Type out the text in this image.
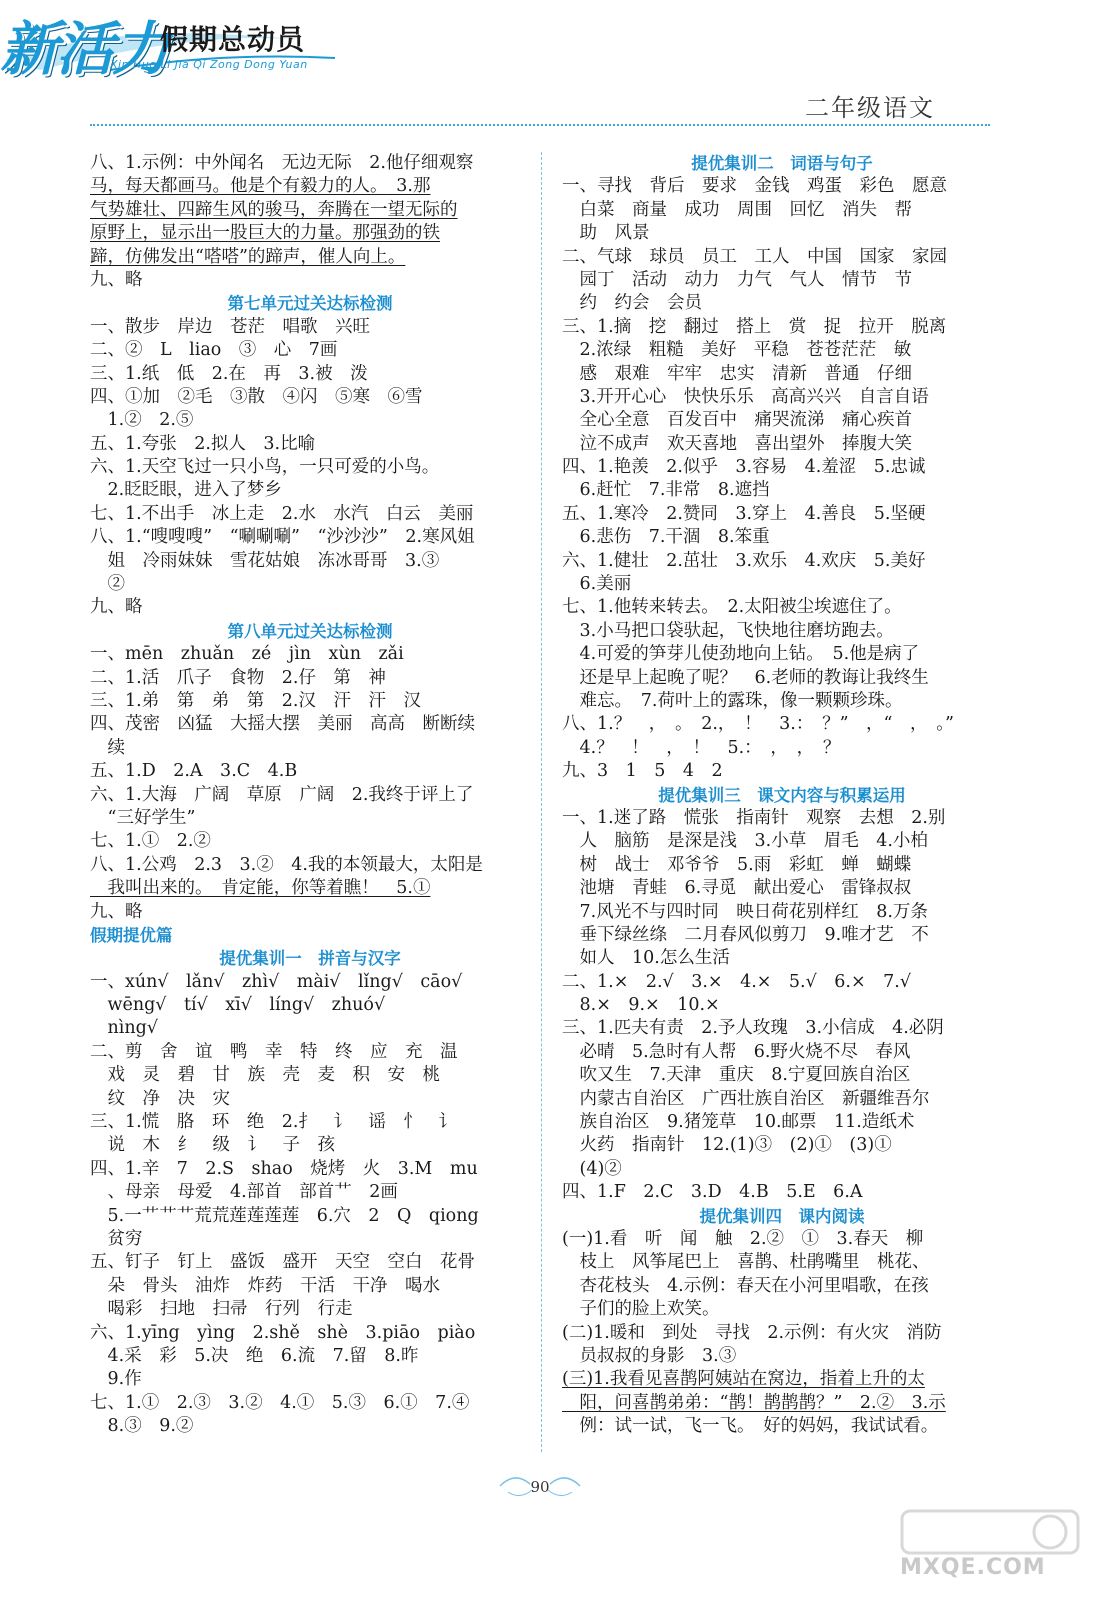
新活力
假期总动员
Xin Huo Li Jia Qi Zong Dong Yuan
二年级语文
八、1.示例：中外闻名　无边无际　2.他仔细观察
马，每天都画马。他是个有毅力的人。　3.那
气势雄壮、四蹄生风的骏马，奔腾在一望无际的
原野上，显示出一股巨大的力量。那强劲的铁
蹄，仿佛发出“嗒嗒”的蹄声，催人向上。
九、略
第七单元过关达标检测
一、散步　岸边　苍茫　唱歌　兴旺
二、②　L　liao　③　心　7画
三、1.纸　低　2.在　再　3.被　泼
四、①加　②毛　③散　④闪　⑤寒　⑥雪
　1.②　2.⑤
五、1.夸张　2.拟人　3.比喻
六、1.天空飞过一只小鸟，一只可爱的小鸟。
　2.眨眨眼，进入了梦乡
七、1.不出手　冰上走　2.水　水汽　白云　美丽
八、1.“嗖嗖嗖”　“唰唰唰”　“沙沙沙”　2.寒风姐
　姐　冷雨妹妹　雪花姑娘　冻冰哥哥　3.③
　②
九、略
第八单元过关达标检测
一、mēn　zhuǎn　zé　jìn　xùn　zǎi
二、1.活　爪子　食物　2.仔　第　神
三、1.弟　第　弟　第　2.汉　汗　汗　汉
四、茂密　凶猛　大摇大摆　美丽　高高　断断续
　续
五、1.D　2.A　3.C　4.B
六、1.大海　广阔　草原　广阔　2.我终于评上了
　“三好学生”
七、1.①　2.②
八、1.公鸡　2.3　3.②　4.我的本领最大，太阳是
　我叫出来的。　肯定能，你等着瞧！　5.①
九、略
假期提优篇
提优集训一　拼音与汉字
一、xún√　lǎn√　zhì√　mài√　lǐng√　cāo√
　wēng√　tí√　xī√　líng√　zhuó√
　nìng√
二、剪　舍　谊　鸭　幸　特　终　应　充　温
　戏　灵　碧　甘　族　壳　麦　积　安　桃
　纹　净　决　灾
三、1.慌　胳　环　绝　2.扌　讠　谣　忄　讠
　说　木　纟　级　讠　子　孩
四、1.辛　7　2.S　shao　烧烤　火　3.M　mu
　、母亲　母爱　4.部首　部首艹　2画
　5.一艹艹艹荒荒莲莲莲莲　6.穴　2　Q　qiong
　贫穷
五、钉子　钉上　盛饭　盛开　天空　空白　花骨
　朵　骨头　油炸　炸药　干活　干净　喝水
　喝彩　扫地　扫帚　行列　行走
六、1.yīng　yìng　2.shě　shè　3.piāo　piào
　4.采　彩　5.决　绝　6.流　7.留　8.昨
　9.作
七、1.①　2.③　3.②　4.①　5.③　6.①　7.④
　8.③　9.②
提优集训二　词语与句子
一、寻找　背后　要求　金钱　鸡蛋　彩色　愿意
　白菜　商量　成功　周围　回忆　消失　帮
　助　风景
二、气球　球员　员工　工人　中国　国家　家园
　园丁　活动　动力　力气　气人　情节　节
　约　约会　会员
三、1.摘　挖　翻过　搭上　赏　捉　拉开　脱离
　2.浓绿　粗糙　美好　平稳　苍苍茫茫　敏
　感　艰难　牢牢　忠实　清新　普通　仔细
　3.开开心心　快快乐乐　高高兴兴　自言自语
　全心全意　百发百中　痛哭流涕　痛心疾首
　泣不成声　欢天喜地　喜出望外　捧腹大笑
四、1.艳羡　2.似乎　3.容易　4.羞涩　5.忠诚
　6.赶忙　7.非常　8.遮挡
五、1.寒冷　2.赞同　3.穿上　4.善良　5.坚硬
　6.悲伤　7.干涸　8.笨重
六、1.健壮　2.茁壮　3.欢乐　4.欢庆　5.美好
　6.美丽
七、1.他转来转去。　2.太阳被尘埃遮住了。
　3.小马把口袋驮起，飞快地往磨坊跑去。
　4.可爱的笋芽儿使劲地向上钻。　5.他是病了
　还是早上起晚了呢？　6.老师的教诲让我终生
　难忘。　7.荷叶上的露珠，像一颗颗珍珠。
八、1.？　，　。　2.，　！　3.：　？”　，“　，　。”
　4.？　！　，　！　5.：　，　，　？
九、3　1　5　4　2
提优集训三　课文内容与积累运用
一、1.迷了路　慌张　指南针　观察　去想　2.别
　人　脑筋　是深是浅　3.小草　眉毛　4.小柏
　树　战士　邓爷爷　5.雨　彩虹　蝉　蝴蝶
　池塘　青蛙　6.寻觅　献出爱心　雷锋叔叔
　7.风光不与四时同　映日荷花别样红　8.万条
　垂下绿丝绦　二月春风似剪刀　9.唯才艺　不
　如人　10.怎么生活
二、1.×　2.√　3.×　4.×　5.√　6.×　7.√
　8.×　9.×　10.×
三、1.匹夫有责　2.予人玫瑰　3.小信成　4.必阴
　必晴　5.急时有人帮　6.野火烧不尽　春风
　吹又生　7.天津　重庆　8.宁夏回族自治区
　内蒙古自治区　广西壮族自治区　新疆维吾尔
　族自治区　9.猪笼草　10.邮票　11.造纸术
　火药　指南针　12.(1)③　(2)①　(3)①
　(4)②
四、1.F　2.C　3.D　4.B　5.E　6.A
提优集训四　课内阅读
(一)1.看　听　闻　触　2.②　①　3.春天　柳
　枝上　风筝尾巴上　喜鹊、杜鹃嘴里　桃花、
　杏花枝头　4.示例：春天在小河里唱歌，在孩
　子们的脸上欢笑。
(二)1.暖和　到处　寻找　2.示例：有火灾　消防
　员叔叔的身影　3.③
(三)1.我看见喜鹊阿姨站在窝边，指着上升的太
　阳，问喜鹊弟弟：“鹊！鹊鹊鹊？”　2.②　3.示
　例：试一试，飞一飞。　好的妈妈，我试试看。
90
MXQE.COM
